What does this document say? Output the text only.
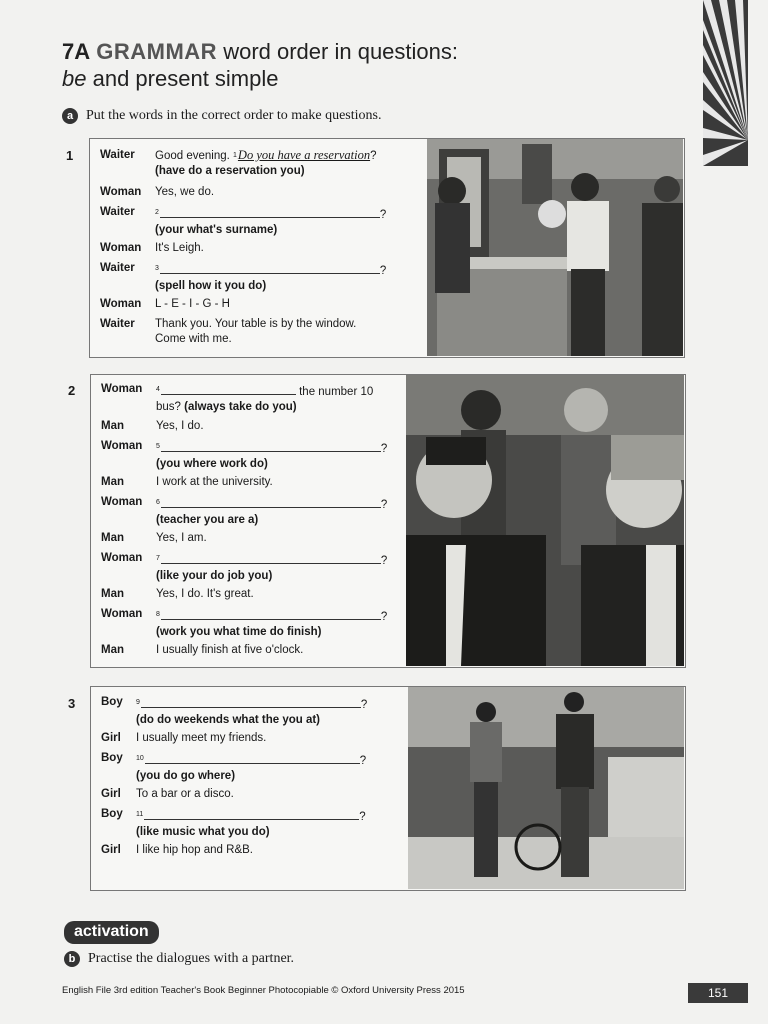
7A GRAMMAR word order in questions:
be and present simple
a Put the words in the correct order to make questions.
1 Waiter Good evening. $^1$Do you have a reservation?
(have do a reservation you)
Woman Yes, we do.
Waiter	$^2$	?
(your what's surname)
Woman It's Leigh.
Waiter	$^3$	?
(spell how it you do)
Woman L - E - I - G - H
Waiter Thank you. Your table is by the window.
Come with me.
2 Woman $^4$	the number 10
bus? (always take do you)
Man	Yes, I do.
Woman $^5$	?
(you where work do)
Man	I work at the university.
Woman $^6$	?
(teacher you are a)
Man	Yes, I am.
Woman $^7$	?
(like your do job you)
Man	Yes, I do. It's great.
Woman $^8$	?
(work you what time do finish)
Man	I usually finish at five o'clock.
3 Boy $^9$	?
(do do weekends what the you at)
Girl I usually meet my friends.
Boy $^{10}$	?
(you do go where)
Girl To a bar or a disco.
Boy $^{11}$	?
(like music what you do)
Girl I like hip hop and R&B.
activation
b Practise the dialogues with a partner.
English File 3rd edition Teacher's Book Beginner Photocopiable © Oxford University Press 2015	151
